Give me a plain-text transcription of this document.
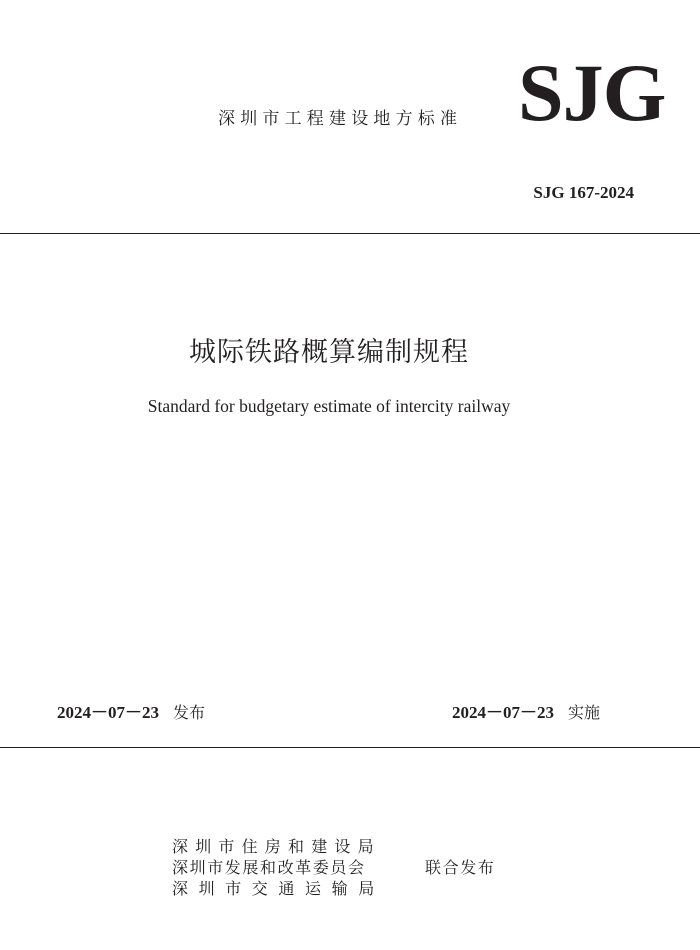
深圳市工程建设地方标准 SJG
SJG 167-2024
城际铁路概算编制规程
Standard for budgetary estimate of intercity railway
2024－07－23 发布	2024－07－23 实施
深圳市住房和建设局
深圳市发展和改革委员会
深圳市交通运输局
联合发布
